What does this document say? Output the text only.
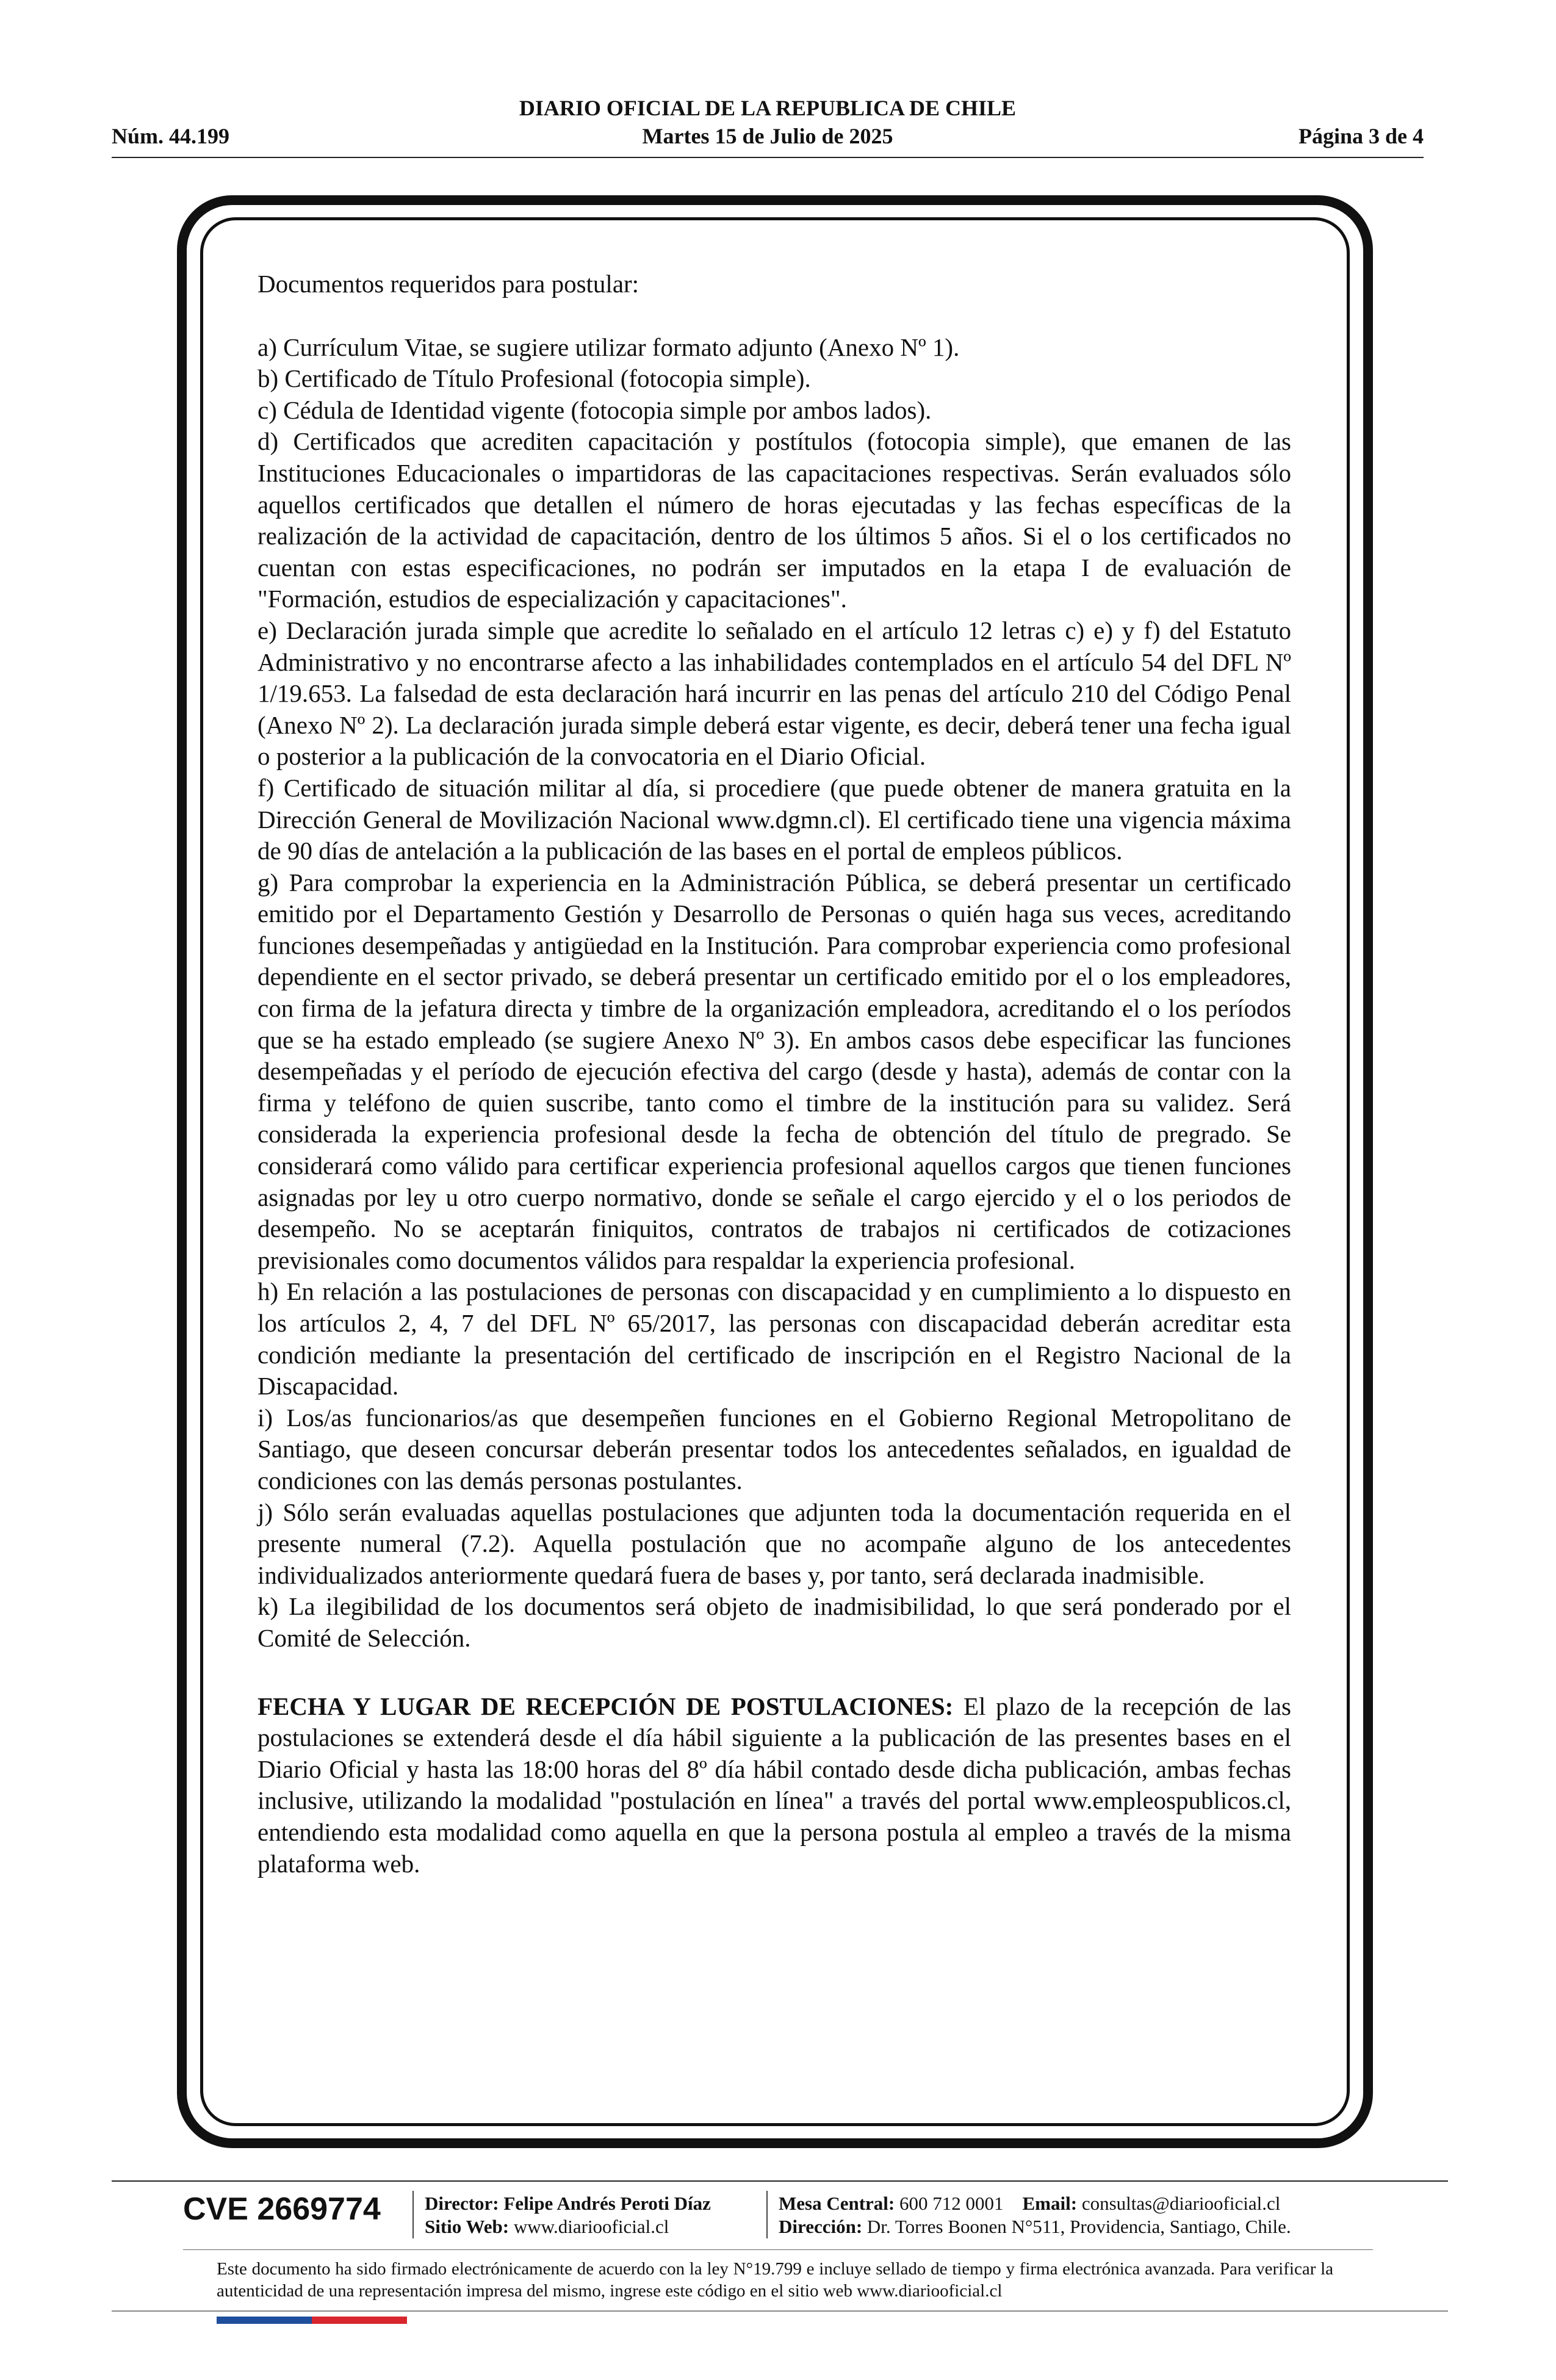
DIARIO OFICIAL DE LA REPUBLICA DE CHILE
Martes 15 de Julio de 2025
Núm. 44.199	Página 3 de 4

Documentos requeridos para postular:

a) Currículum Vitae, se sugiere utilizar formato adjunto (Anexo Nº 1).

b) Certificado de Título Profesional (fotocopia simple).

c) Cédula de Identidad vigente (fotocopia simple por ambos lados).

d) Certificados que acrediten capacitación y postítulos (fotocopia simple), que emanen de las Instituciones Educacionales o impartidoras de las capacitaciones respectivas. Serán evaluados sólo aquellos certificados que detallen el número de horas ejecutadas y las fechas específicas de la realización de la actividad de capacitación, dentro de los últimos 5 años. Si el o los certificados no cuentan con estas especificaciones, no podrán ser imputados en la etapa I de evaluación de "Formación, estudios de especialización y capacitaciones".

e) Declaración jurada simple que acredite lo señalado en el artículo 12 letras c) e) y f) del Estatuto Administrativo y no encontrarse afecto a las inhabilidades contemplados en el artículo 54 del DFL Nº 1/19.653. La falsedad de esta declaración hará incurrir en las penas del artículo 210 del Código Penal (Anexo Nº 2). La declaración jurada simple deberá estar vigente, es decir, deberá tener una fecha igual o posterior a la publicación de la convocatoria en el Diario Oficial.

f) Certificado de situación militar al día, si procediere (que puede obtener de manera gratuita en la Dirección General de Movilización Nacional www.dgmn.cl). El certificado tiene una vigencia máxima de 90 días de antelación a la publicación de las bases en el portal de empleos públicos.

g) Para comprobar la experiencia en la Administración Pública, se deberá presentar un certificado emitido por el Departamento Gestión y Desarrollo de Personas o quién haga sus veces, acreditando funciones desempeñadas y antigüedad en la Institución. Para comprobar experiencia como profesional dependiente en el sector privado, se deberá presentar un certificado emitido por el o los empleadores, con firma de la jefatura directa y timbre de la organización empleadora, acreditando el o los períodos que se ha estado empleado (se sugiere Anexo Nº 3). En ambos casos debe especificar las funciones desempeñadas y el período de ejecución efectiva del cargo (desde y hasta), además de contar con la firma y teléfono de quien suscribe, tanto como el timbre de la institución para su validez. Será considerada la experiencia profesional desde la fecha de obtención del título de pregrado. Se considerará como válido para certificar experiencia profesional aquellos cargos que tienen funciones asignadas por ley u otro cuerpo normativo, donde se señale el cargo ejercido y el o los periodos de desempeño. No se aceptarán finiquitos, contratos de trabajos ni certificados de cotizaciones previsionales como documentos válidos para respaldar la experiencia profesional.

h) En relación a las postulaciones de personas con discapacidad y en cumplimiento a lo dispuesto en los artículos 2, 4, 7 del DFL Nº 65/2017, las personas con discapacidad deberán acreditar esta condición mediante la presentación del certificado de inscripción en el Registro Nacional de la Discapacidad.

i) Los/as funcionarios/as que desempeñen funciones en el Gobierno Regional Metropolitano de Santiago, que deseen concursar deberán presentar todos los antecedentes señalados, en igualdad de condiciones con las demás personas postulantes.

j) Sólo serán evaluadas aquellas postulaciones que adjunten toda la documentación requerida en el presente numeral (7.2). Aquella postulación que no acompañe alguno de los antecedentes individualizados anteriormente quedará fuera de bases y, por tanto, será declarada inadmisible.

k) La ilegibilidad de los documentos será objeto de inadmisibilidad, lo que será ponderado por el Comité de Selección.

FECHA Y LUGAR DE RECEPCIÓN DE POSTULACIONES: El plazo de la recepción de las postulaciones se extenderá desde el día hábil siguiente a la publicación de las presentes bases en el Diario Oficial y hasta las 18:00 horas del 8º día hábil contado desde dicha publicación, ambas fechas inclusive, utilizando la modalidad "postulación en línea" a través del portal www.empleospublicos.cl, entendiendo esta modalidad como aquella en que la persona postula al empleo a través de la misma plataforma web.

CVE 2669774 Director: Felipe Andrés Peroti Díaz
Sitio Web: www.diariooficial.cl
Mesa Central: 600 712 0001 Email: consultas@diariooficial.cl
Dirección: Dr. Torres Boonen N°511, Providencia, Santiago, Chile.
Este documento ha sido firmado electrónicamente de acuerdo con la ley N°19.799 e incluye sellado de tiempo y firma electrónica avanzada. Para verificar la autenticidad de una representación impresa del mismo, ingrese este código en el sitio web www.diariooficial.cl
